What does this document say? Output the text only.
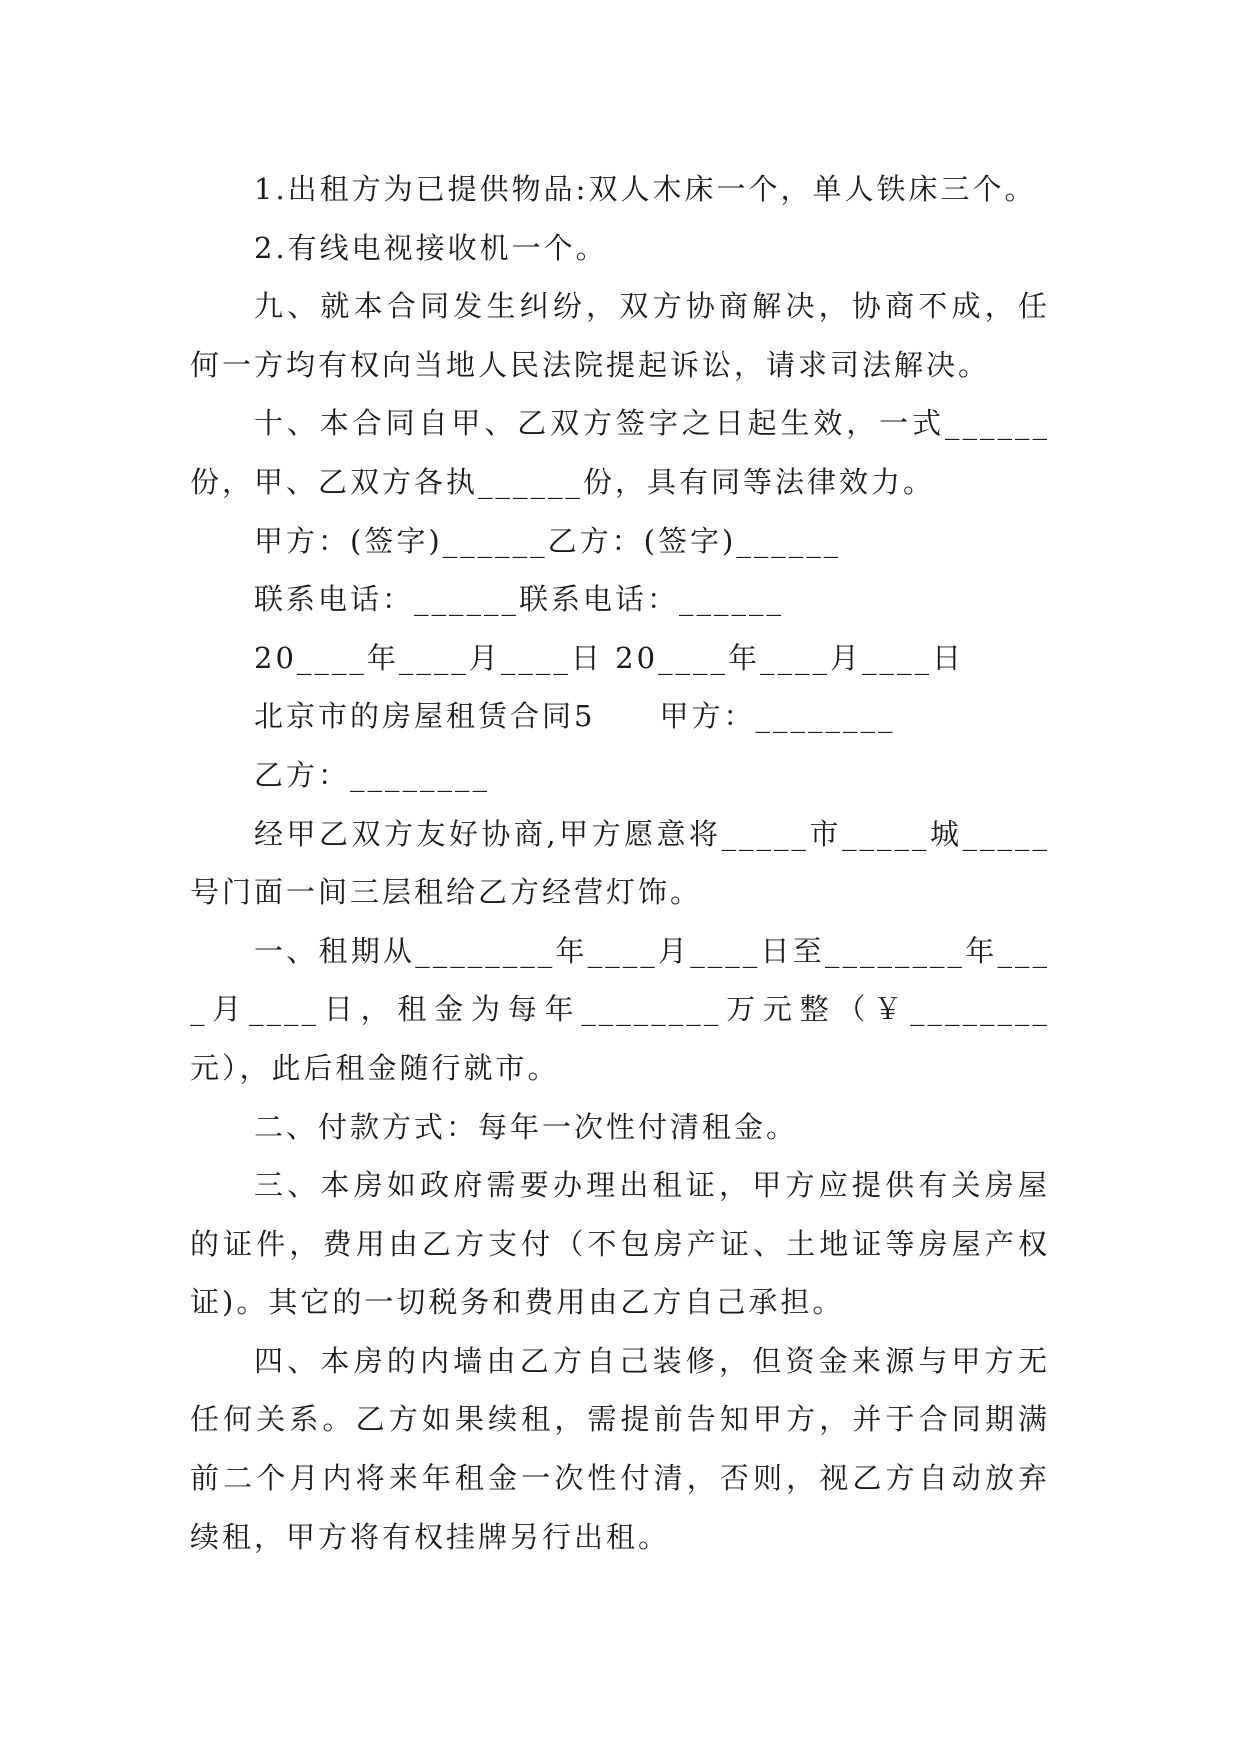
1.出租方为已提供物品:双人木床一个，单人铁床三个。

2.有线电视接收机一个。

九、就本合同发生纠纷，双方协商解决，协商不成，任何一方均有权向当地人民法院提起诉讼，请求司法解决。

十、本合同自甲、乙双方签字之日起生效，一式______份，甲、乙双方各执______份，具有同等法律效力。

甲方：(签字)______乙方：(签字)______

联系电话：______联系电话：______

20____年____月____日 20____年____月____日

北京市的房屋租赁合同5　　甲方：________

乙方：________

经甲乙双方友好协商,甲方愿意将_____市_____城_____号门面一间三层租给乙方经营灯饰。

一、租期从________年____月____日至________年____月____日，租金为每年________万元整（￥________元），此后租金随行就市。

二、付款方式：每年一次性付清租金。

三、本房如政府需要办理出租证，甲方应提供有关房屋的证件，费用由乙方支付（不包房产证、土地证等房屋产权证)。其它的一切税务和费用由乙方自己承担。

四、本房的内墙由乙方自己装修，但资金来源与甲方无任何关系。乙方如果续租，需提前告知甲方，并于合同期满前二个月内将来年租金一次性付清，否则，视乙方自动放弃续租，甲方将有权挂牌另行出租。
